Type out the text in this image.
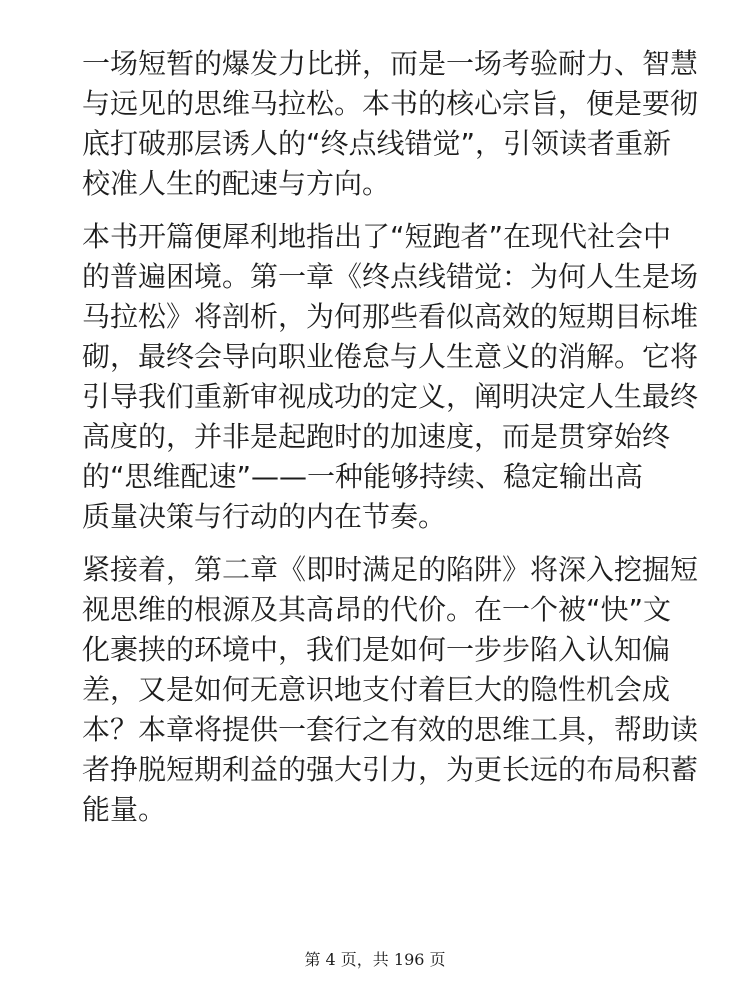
一场短暂的爆发力比拼，而是一场考验耐力、智慧
与远见的思维马拉松。本书的核心宗旨，便是要彻
底打破那层诱人的“终点线错觉”，引领读者重新
校准人生的配速与方向。

本书开篇便犀利地指出了“短跑者”在现代社会中
的普遍困境。第一章《终点线错觉：为何人生是场
马拉松》将剖析，为何那些看似高效的短期目标堆
砌，最终会导向职业倦怠与人生意义的消解。它将
引导我们重新审视成功的定义，阐明决定人生最终
高度的，并非是起跑时的加速度，而是贯穿始终
的“思维配速”——一种能够持续、稳定输出高
质量决策与行动的内在节奏。

紧接着，第二章《即时满足的陷阱》将深入挖掘短
视思维的根源及其高昂的代价。在一个被“快”文
化裹挟的环境中，我们是如何一步步陷入认知偏
差，又是如何无意识地支付着巨大的隐性机会成
本？本章将提供一套行之有效的思维工具，帮助读
者挣脱短期利益的强大引力，为更长远的布局积蓄
能量。

第 4 页，共 196 页
